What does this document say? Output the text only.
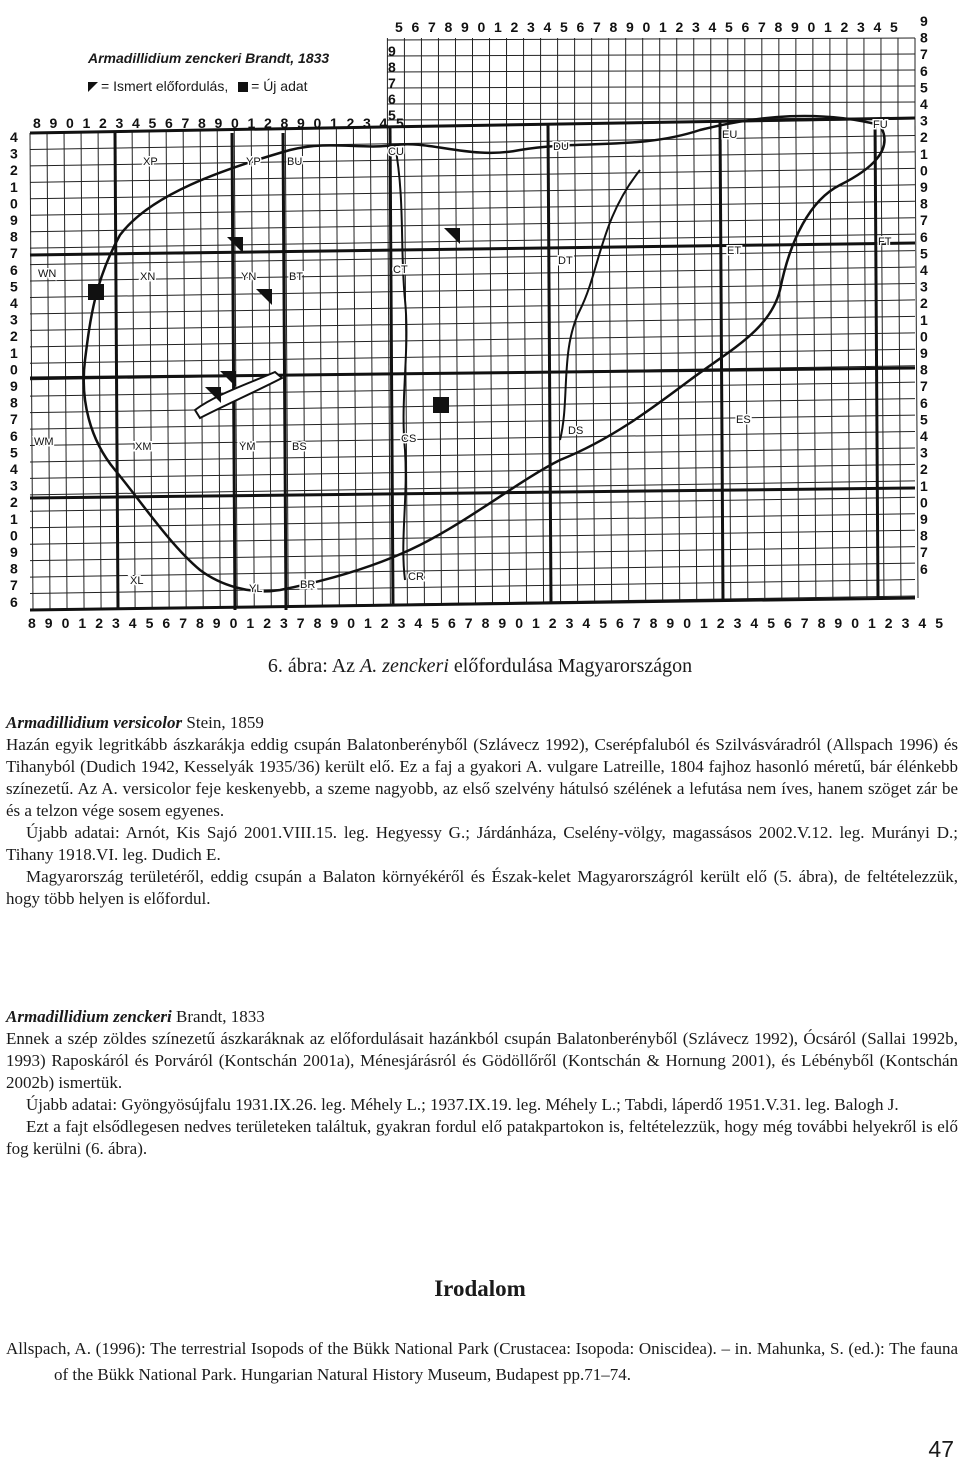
XP	YP BU
CU	DU
EU
FU
WN	XN	YN	BT
CT
DT
ET
FT
WM	XM	YM	BS
CS
DS
ES
XL
YL	BR
CR
5 6 7 8 9 0 1 2 3 4 5 6 7 8 9 0 1 2 3 4 5 6 7 8 9 0 1 2 3 4 5
8 9 0 1 2 3 4 5 6 7 8 9 0 1 2 8 9 0 1 2 3 4 5
8 9 0 1 2 3 4 5 6 7 8 9 0 1 2 3 7 8 9 0 1 2 3 4 5 6 7 8 9 0 1 2 3 4 5 6 7 8 9 0 1 2 3 4 5 6 7 8 9 0 1 2 3 4 5
4
3
2
1
0
9
8
7
6
5
4
3
2
1
0
9
8
7
6
5
4
3
2
1
0
9
8
7
6
9
8
7
6
5
4
3
2
1
0
9
8
7
6
5
4
3
2
1
0
9
8
7
6
5
4
3
2
1
0
9
8
7
6
9
8
7
6
5
Armadillidium zenckeri Brandt, 1833
= Ismert előfordulás, = Új adat
6. ábra: Az A. zenckeri előfordulása Magyarországon

Armadillidium versicolor Stein, 1859

Hazán egyik legritkább ászkarákja eddig csupán Balatonberényből (Szlávecz 1992), Cserépfaluból és Szilvásváradról (Allspach 1996) és Tihanyból (Dudich 1942, Kesselyák 1935/36) került elő. Ez a faj a gyakori A. vulgare Latreille, 1804 fajhoz hasonló méretű, bár élénkebb színezetű. Az A. versicolor feje keskenyebb, a szeme nagyobb, az első szelvény hátulsó szélének a lefutása nem íves, hanem szöget zár be és a telzon vége sosem egyenes.

Újabb adatai: Arnót, Kis Sajó 2001.VIII.15. leg. Hegyessy G.; Járdánháza, Cselény-völgy, magassásos 2002.V.12. leg. Murányi D.; Tihany 1918.VI. leg. Dudich E.

Magyarország területéről, eddig csupán a Balaton környékéről és Észak-kelet Magyarországról került elő (5. ábra), de feltételezzük, hogy több helyen is előfordul.

Armadillidium zenckeri Brandt, 1833

Ennek a szép zöldes színezetű ászkaráknak az előfordulásait hazánkból csupán Balatonberényből (Szlávecz 1992), Ócsáról (Sallai 1992b, 1993) Raposkáról és Porváról (Kontschán 2001a), Ménesjárásról és Gödöllőről (Kontschán & Hornung 2001), és Lébényből (Kontschán 2002b) ismertük.

Újabb adatai: Gyöngyösújfalu 1931.IX.26. leg. Méhely L.; 1937.IX.19. leg. Méhely L.; Tabdi, láperdő 1951.V.31. leg. Balogh J.

Ezt a fajt elsődlegesen nedves területeken találtuk, gyakran fordul elő patakpartokon is, feltételezzük, hogy még további helyekről is elő fog kerülni (6. ábra).

Irodalom

Allspach, A. (1996): The terrestrial Isopods of the Bükk National Park (Crustacea: Isopoda: Oniscidea). – in. Mahunka, S. (ed.): The fauna of the Bükk National Park. Hungarian Natural History Museum, Budapest pp.71–74.

47
